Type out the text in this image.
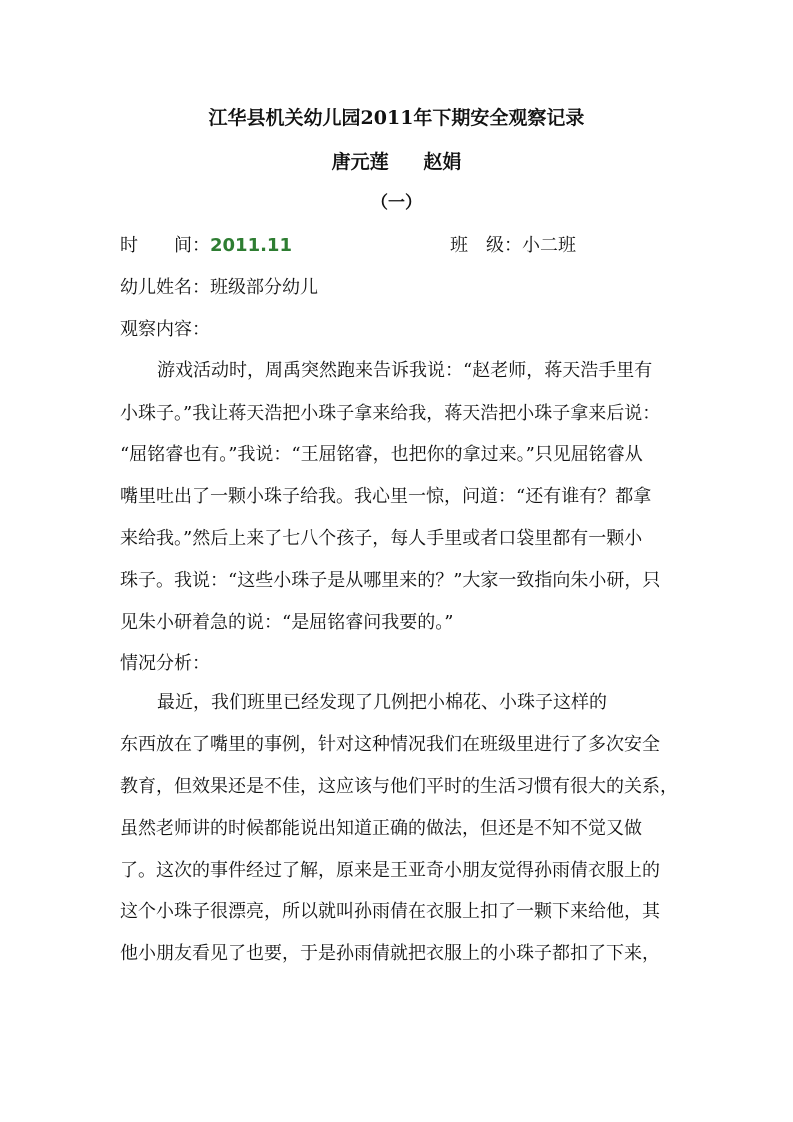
江华县机关幼儿园2011年下期安全观察记录
唐元莲 赵娟
（一）
时　　间：2011.11	班　级：小二班
幼儿姓名：班级部分幼儿
观察内容：
游戏活动时，周禹突然跑来告诉我说：“赵老师，蒋天浩手里有
小珠子。”我让蒋天浩把小珠子拿来给我，蒋天浩把小珠子拿来后说：
“屈铭睿也有。”我说：“王屈铭睿，也把你的拿过来。”只见屈铭睿从
嘴里吐出了一颗小珠子给我。我心里一惊，问道：“还有谁有？都拿
来给我。”然后上来了七八个孩子，每人手里或者口袋里都有一颗小
珠子。我说：“这些小珠子是从哪里来的？”大家一致指向朱小研，只
见朱小研着急的说：“是屈铭睿问我要的。”
情况分析：
最近，我们班里已经发现了几例把小棉花、小珠子这样的
东西放在了嘴里的事例，针对这种情况我们在班级里进行了多次安全
教育，但效果还是不佳，这应该与他们平时的生活习惯有很大的关系，
虽然老师讲的时候都能说出知道正确的做法，但还是不知不觉又做
了。这次的事件经过了解，原来是王亚奇小朋友觉得孙雨倩衣服上的
这个小珠子很漂亮，所以就叫孙雨倩在衣服上扣了一颗下来给他，其
他小朋友看见了也要，于是孙雨倩就把衣服上的小珠子都扣了下来，
